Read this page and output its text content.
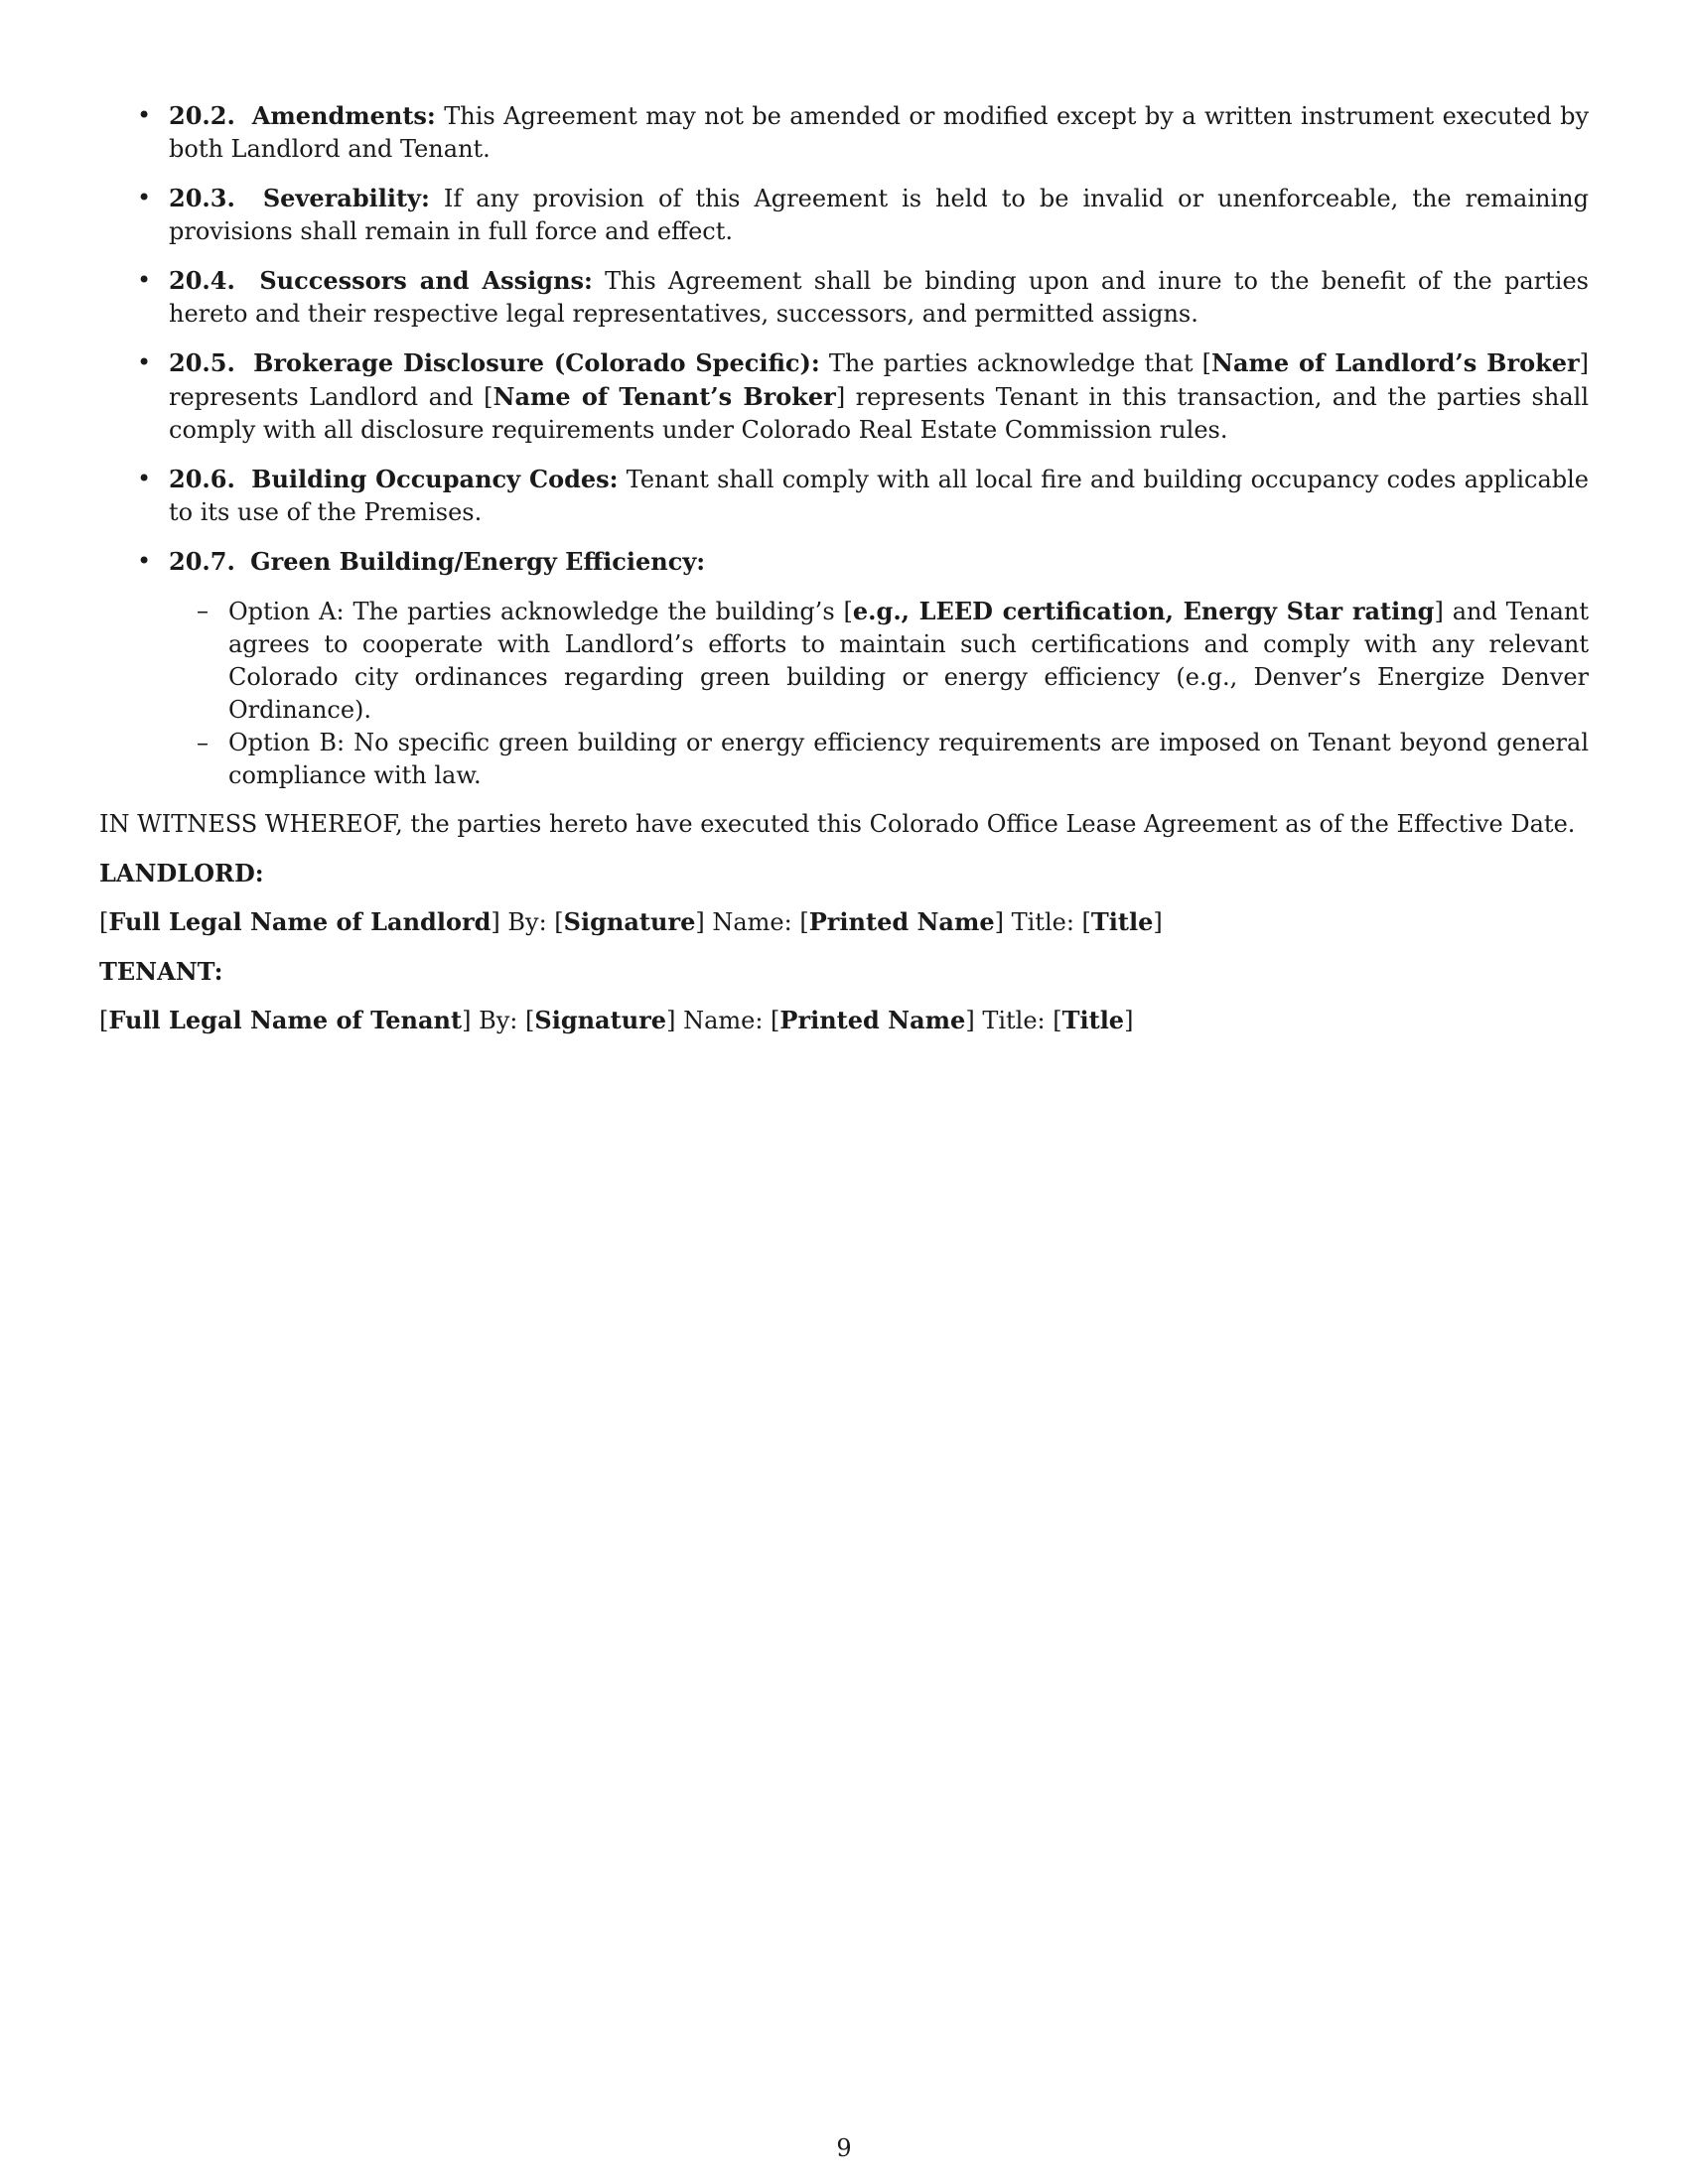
• 20.2. Amendments: This Agreement may not be amended or modified except by a written instrument executed by both Landlord and Tenant.
• 20.3. Severability: If any provision of this Agreement is held to be invalid or unenforceable, the remaining provisions shall remain in full force and effect.
• 20.4. Successors and Assigns: This Agreement shall be binding upon and inure to the benefit of the parties hereto and their respective legal representatives, successors, and permitted assigns.
• 20.5. Brokerage Disclosure (Colorado Specific): The parties acknowledge that [Name of Landlord’s Broker] represents Landlord and [Name of Tenant’s Broker] represents Tenant in this transaction, and the parties shall comply with all disclosure requirements under Colorado Real Estate Commission rules.
• 20.6. Building Occupancy Codes: Tenant shall comply with all local fire and building occupancy codes applicable to its use of the Premises.
• 20.7. Green Building/Energy Efficiency:
– Option A: The parties acknowledge the building’s [e.g., LEED certification, Energy Star rating] and Tenant agrees to cooperate with Landlord’s efforts to maintain such certifications and comply with any relevant Colorado city ordinances regarding green building or energy efficiency (e.g., Denver’s Energize Denver Ordinance).
– Option B: No specific green building or energy efficiency requirements are imposed on Tenant beyond general compliance with law.

IN WITNESS WHEREOF, the parties hereto have executed this Colorado Office Lease Agreement as of the Effective Date.

LANDLORD:

[Full Legal Name of Landlord] By: [Signature] Name: [Printed Name] Title: [Title]

TENANT:

[Full Legal Name of Tenant] By: [Signature] Name: [Printed Name] Title: [Title]

9
